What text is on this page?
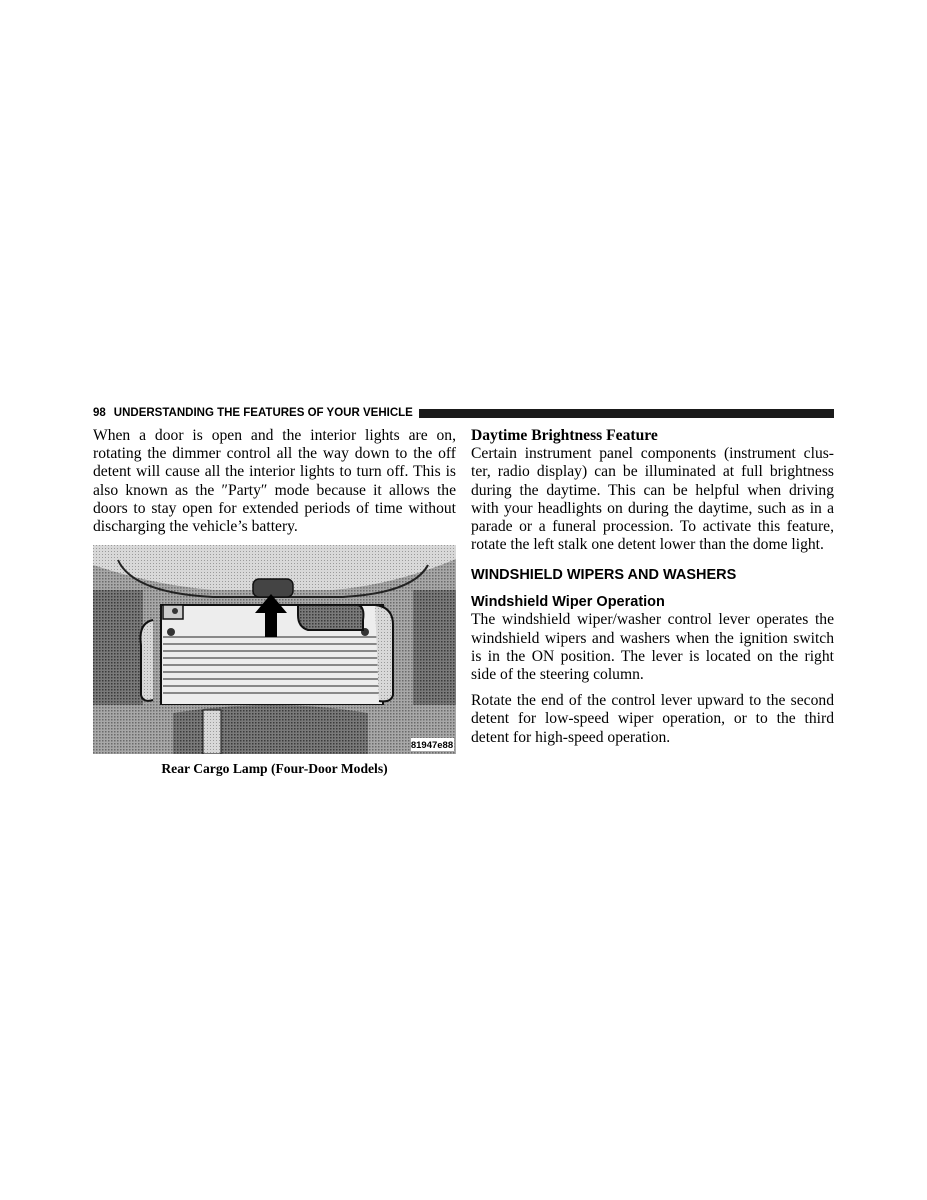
98 UNDERSTANDING THE FEATURES OF YOUR VEHICLE

When a door is open and the interior lights are on, rotating the dimmer control all the way down to the off detent will cause all the interior lights to turn off. This is also known as the ″Party″ mode because it allows the doors to stay open for extended periods of time without discharging the vehicle’s battery.

81947e88
Rear Cargo Lamp (Four-Door Models)

Daytime Brightness Feature

Certain instrument panel components (instrument clus-ter, radio display) can be illuminated at full brightness during the daytime. This can be helpful when driving with your headlights on during the daytime, such as in a parade or a funeral procession. To activate this feature, rotate the left stalk one detent lower than the dome light.

WINDSHIELD WIPERS AND WASHERS
Windshield Wiper Operation

The windshield wiper/washer control lever operates the windshield wipers and washers when the ignition switch is in the ON position. The lever is located on the right side of the steering column.

Rotate the end of the control lever upward to the second detent for low-speed wiper operation, or to the third detent for high-speed operation.
